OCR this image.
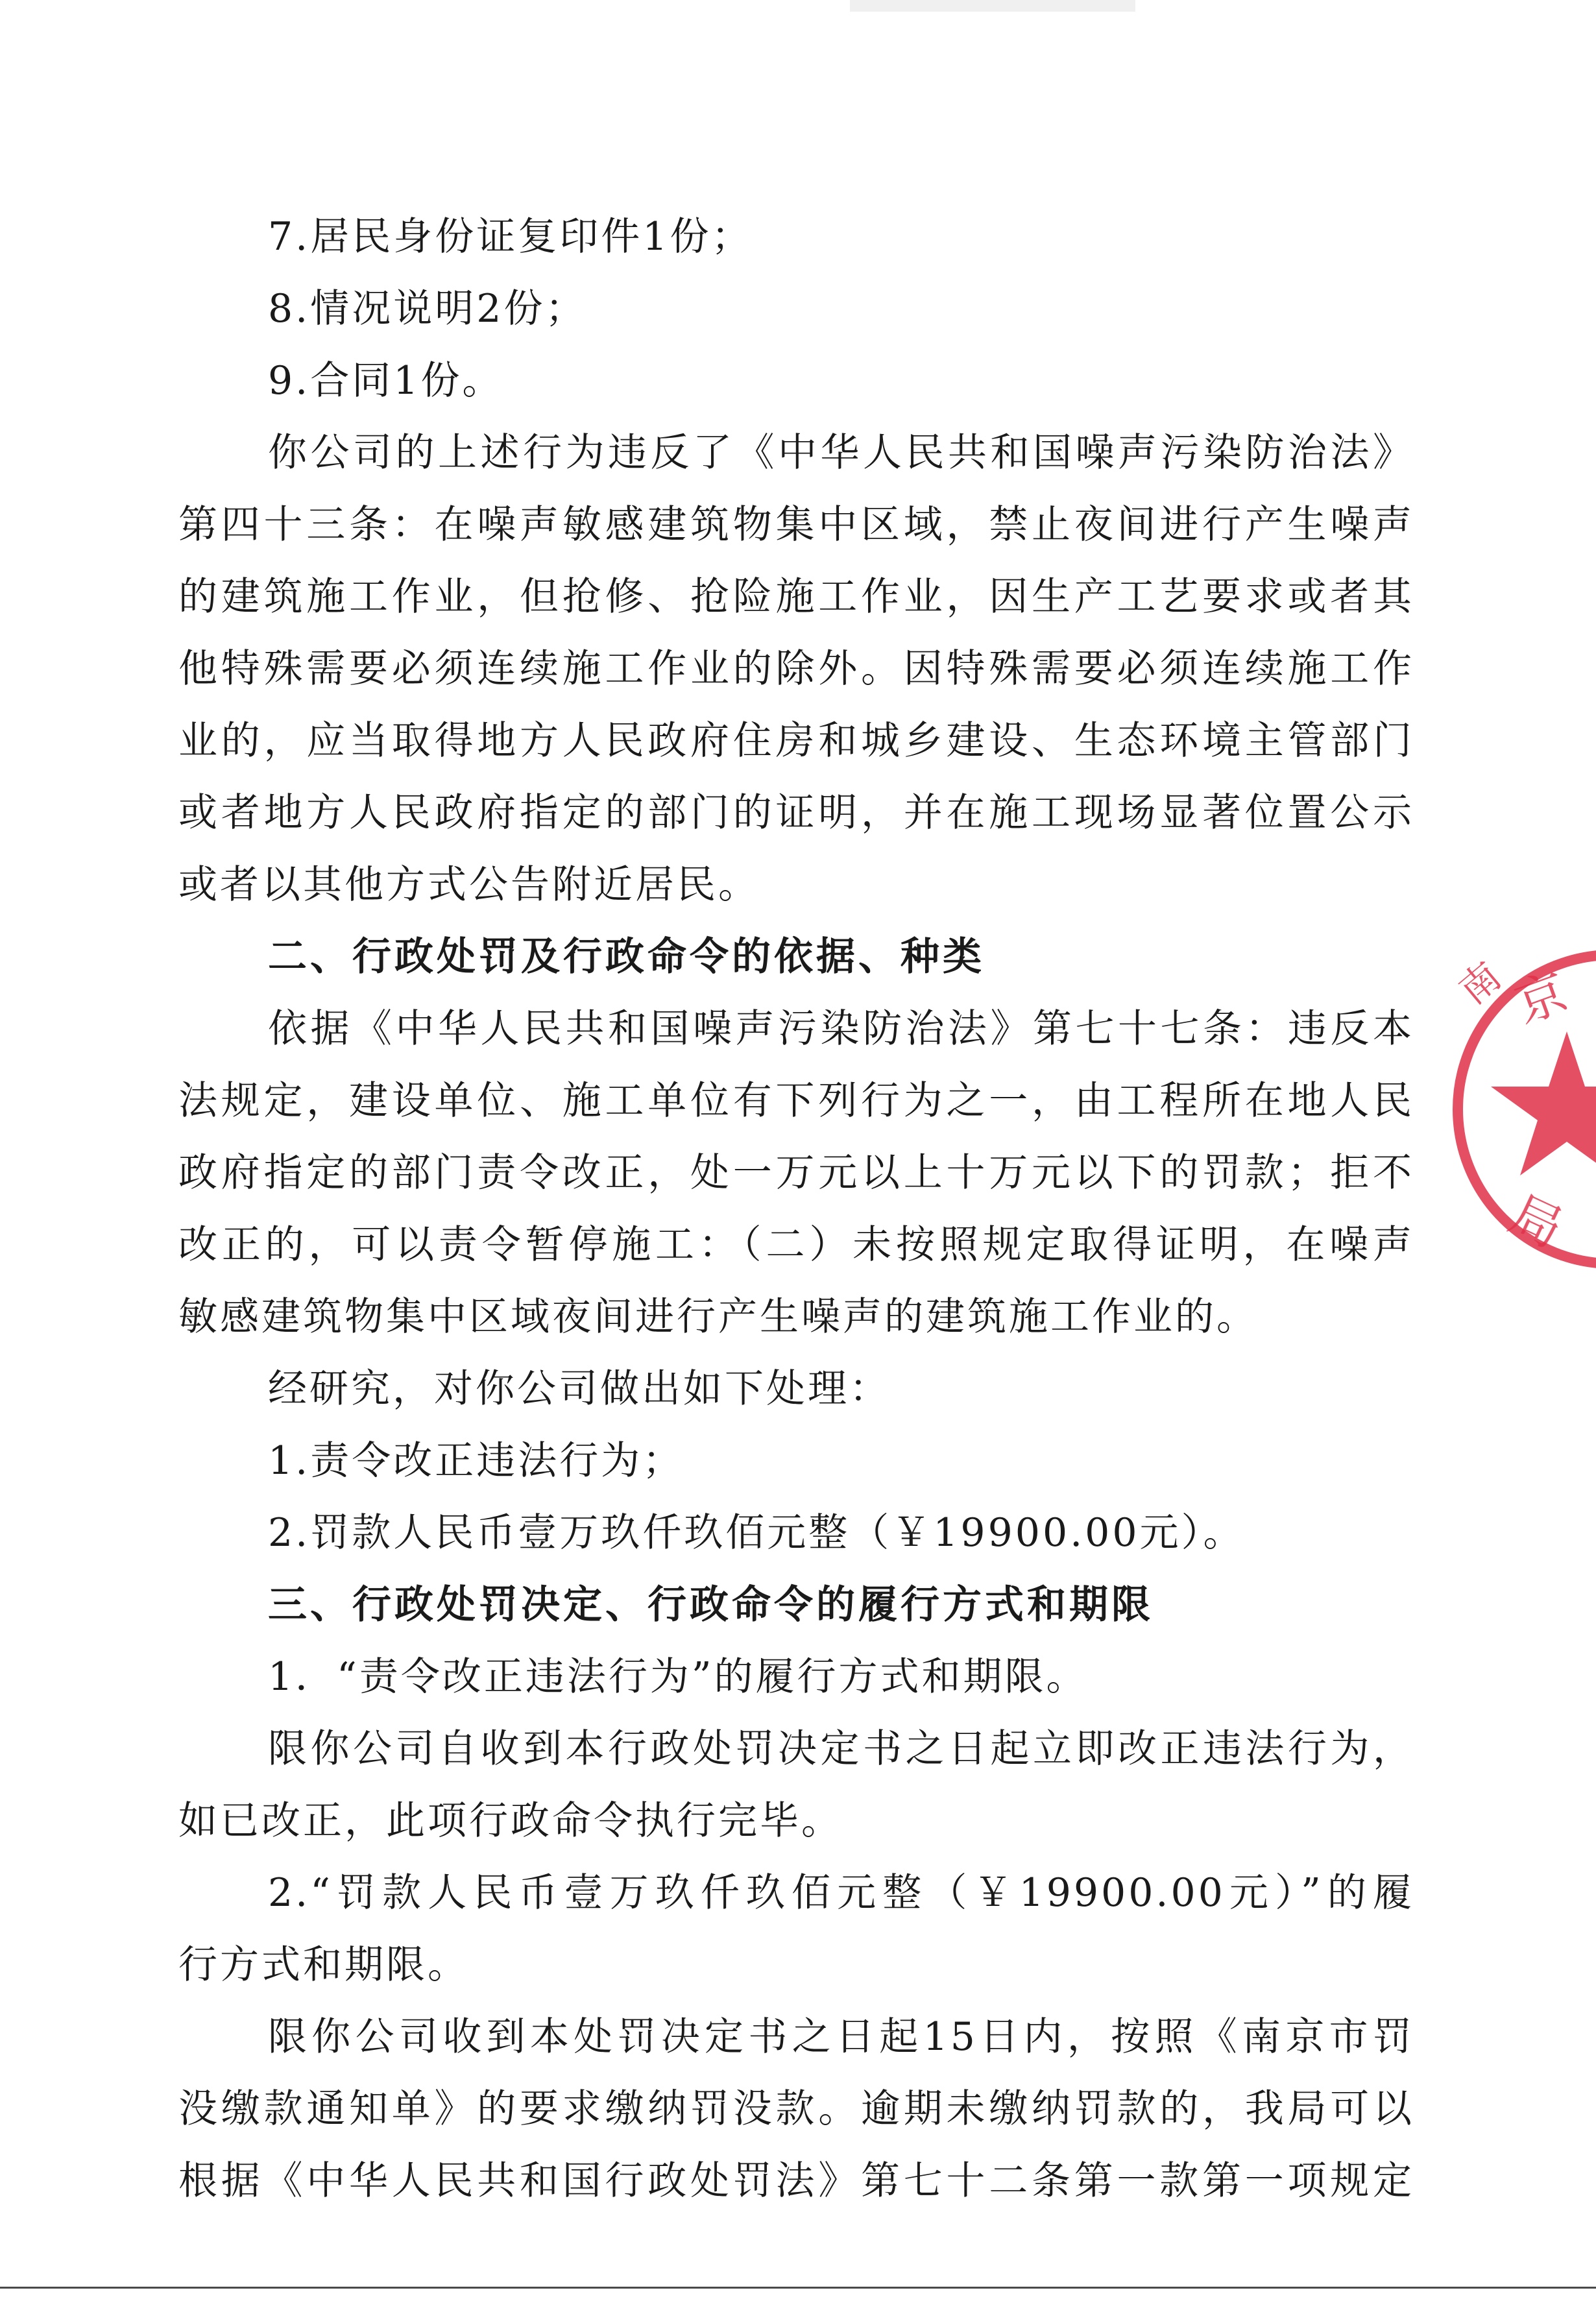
7.居民身份证复印件1份；
8.情况说明2份；
9.合同1份。
你公司的上述行为违反了《中华人民共和国噪声污染防治法》
第四十三条：在噪声敏感建筑物集中区域，禁止夜间进行产生噪声
的建筑施工作业，但抢修、抢险施工作业，因生产工艺要求或者其
他特殊需要必须连续施工作业的除外。因特殊需要必须连续施工作
业的，应当取得地方人民政府住房和城乡建设、生态环境主管部门
或者地方人民政府指定的部门的证明，并在施工现场显著位置公示
或者以其他方式公告附近居民。
二、行政处罚及行政命令的依据、种类
依据《中华人民共和国噪声污染防治法》第七十七条：违反本
法规定，建设单位、施工单位有下列行为之一，由工程所在地人民
政府指定的部门责令改正，处一万元以上十万元以下的罚款；拒不
改正的，可以责令暂停施工：（二）未按照规定取得证明，在噪声
敏感建筑物集中区域夜间进行产生噪声的建筑施工作业的。
经研究，对你公司做出如下处理：
1.责令改正违法行为；
2.罚款人民币壹万玖仟玖佰元整（￥19900.00元）。
三、行政处罚决定、行政命令的履行方式和期限
1．“责令改正违法行为”的履行方式和期限。
限你公司自收到本行政处罚决定书之日起立即改正违法行为，
如已改正，此项行政命令执行完毕。
2.“罚款人民币壹万玖仟玖佰元整（￥19900.00元）”的履
行方式和期限。
限你公司收到本处罚决定书之日起15日内，按照《南京市罚
没缴款通知单》的要求缴纳罚没款。逾期未缴纳罚款的，我局可以
根据《中华人民共和国行政处罚法》第七十二条第一款第一项规定
京
南
局
